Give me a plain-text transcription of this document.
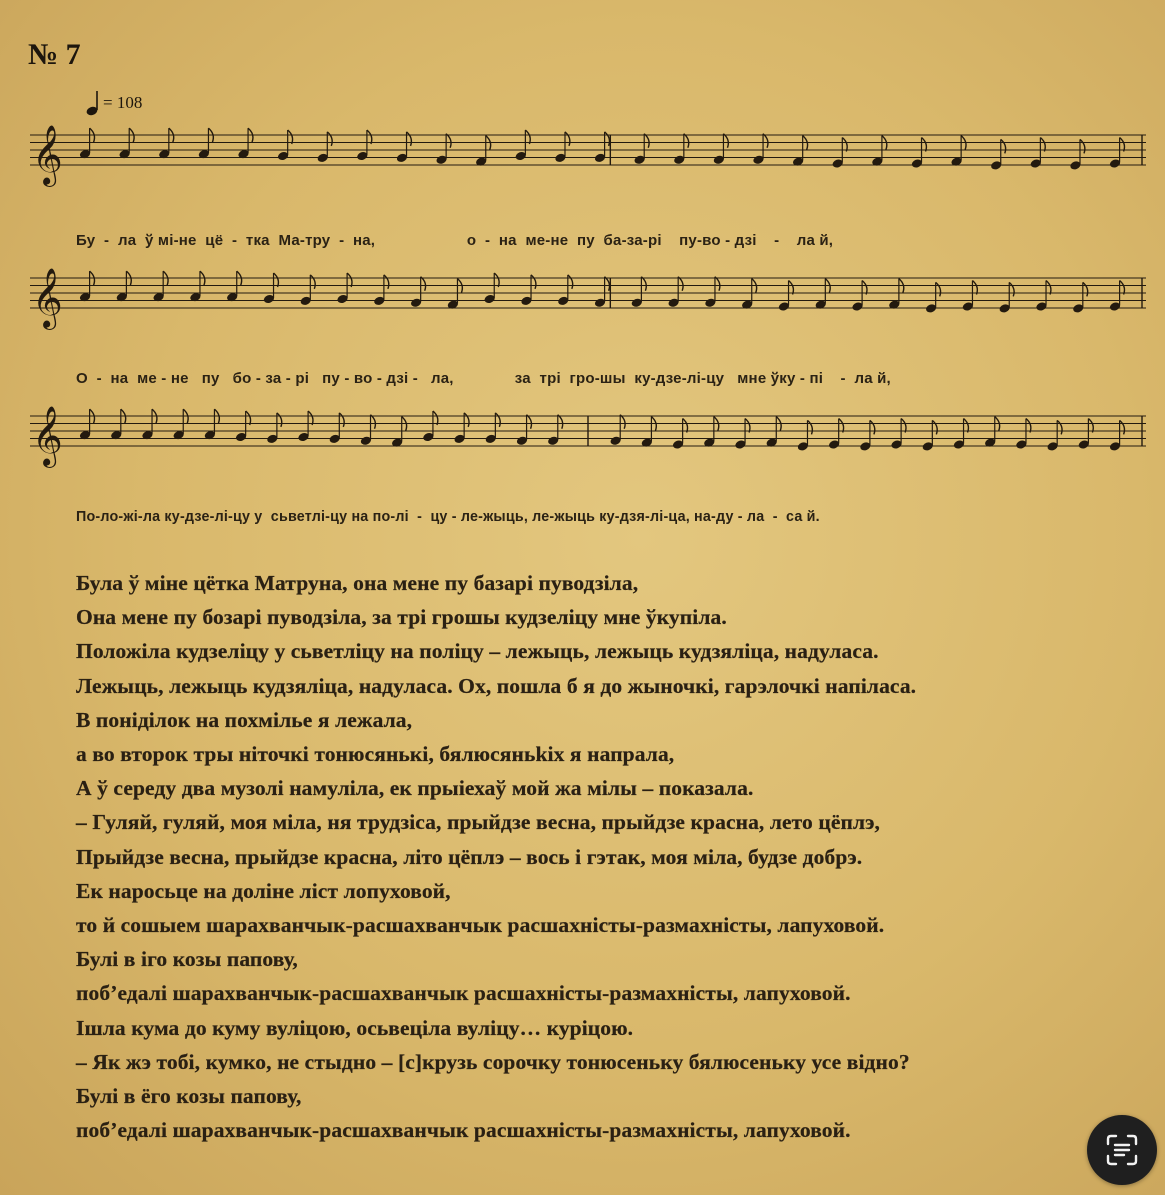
№ 7
= 108
𝄞
Бу  -  ла  ў мі-не  цё  -  тка  Ма-тру  -  на,                     о  -  на  ме-не  пу  ба-за-рі    пу-во - дзі    -    ла й,
𝄞
О  -  на  ме - не   пу   бо - за - рі   пу - во - дзі -   ла,              за  трі  гро-шы  ку-дзе-лі-цу   мне ўку - пі    -  ла й,
𝄞
По-ло-жі-ла ку-дзе-лі-цу у  сьветлі-цу на по-лі  -  цу - ле-жыць, ле-жыць ку-дзя-лі-ца, на-ду - ла  -  са й.
Була ў міне цётка Матруна, она мене пу базарі пуводзіла,
Она мене пу бозарі пуводзіла, за трі грошы кудзеліцу мне ўкупіла.
Положіла кудзеліцу у сьветліцу на поліцу – лежыць, лежыць кудзяліца, надуласа.
Лежыць, лежыць кудзяліца, надуласа. Ох, пошла б я до жыночкі, гарэлочкі напіласа.
В поніділок на похмільe я лежала,
а во второк тры ніточкі тонюсянькі, бялюсяньkіх я напрала,
А ў середу два музолі намуліла, ек прыіехаў мой жа мілы – показала.
– Гуляй, гуляй, моя міла, ня трудзіса, прыйдзе весна, прыйдзе красна, лето цёплэ,
Прыйдзе весна, прыйдзе красна, літо цёплэ – вось і гэтак, моя міла, будзе добрэ.
Ек наросьце на доліне ліст лопуховой,
то й сошыем шарахванчык-расшахванчык расшахністы-размахністы, лапуховой.
Булі в іго козы папову,
поб’едалі шарахванчык-расшахванчык расшахністы-размахністы, лапуховой.
Ішла кума до куму вуліцою, осьвеціла вуліцу… куріцою.
– Як жэ тобі, кумко, не стыдно – [с]крузь сорочку тонюсеньку бялюсеньку усе відно?
Булі в ёго козы папову,
поб’едалі шарахванчык-расшахванчык расшахністы-размахністы, лапуховой.
